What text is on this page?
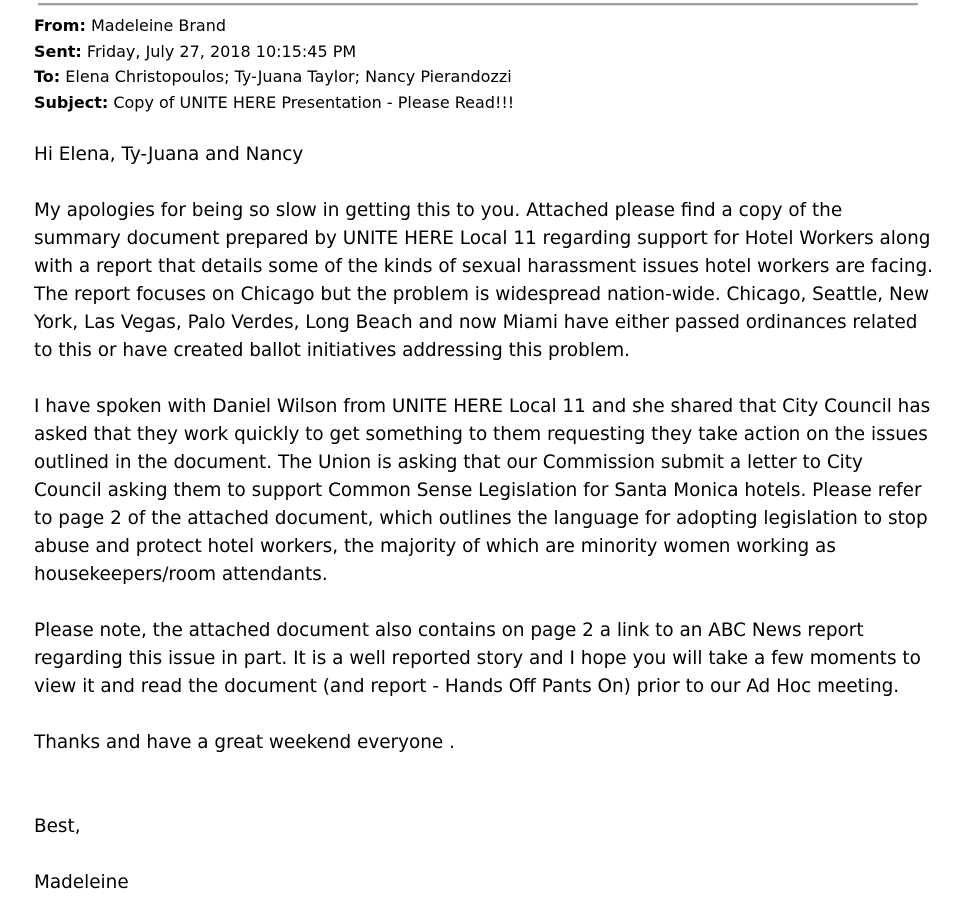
From: Madeleine Brand
Sent: Friday, July 27, 2018 10:15:45 PM
To: Elena Christopoulos; Ty-Juana Taylor; Nancy Pierandozzi
Subject: Copy of UNITE HERE Presentation - Please Read!!!

Hi Elena, Ty-Juana and Nancy

My apologies for being so slow in getting this to you. Attached please find a copy of the summary document prepared by UNITE HERE Local 11 regarding support for Hotel Workers along with a report that details some of the kinds of sexual harassment issues hotel workers are facing. The report focuses on Chicago but the problem is widespread nation-wide. Chicago, Seattle, New York, Las Vegas, Palo Verdes, Long Beach and now Miami have either passed ordinances related to this or have created ballot initiatives addressing this problem.

I have spoken with Daniel Wilson from UNITE HERE Local 11 and she shared that City Council has asked that they work quickly to get something to them requesting they take action on the issues outlined in the document. The Union is asking that our Commission submit a letter to City Council asking them to support Common Sense Legislation for Santa Monica hotels. Please refer to page 2 of the attached document, which outlines the language for adopting legislation to stop abuse and protect hotel workers, the majority of which are minority women working as housekeepers/room attendants.

Please note, the attached document also contains on page 2 a link to an ABC News report regarding this issue in part. It is a well reported story and I hope you will take a few moments to view it and read the document (and report - Hands Off Pants On) prior to our Ad Hoc meeting.

Thanks and have a great weekend everyone .

Best,

Madeleine
